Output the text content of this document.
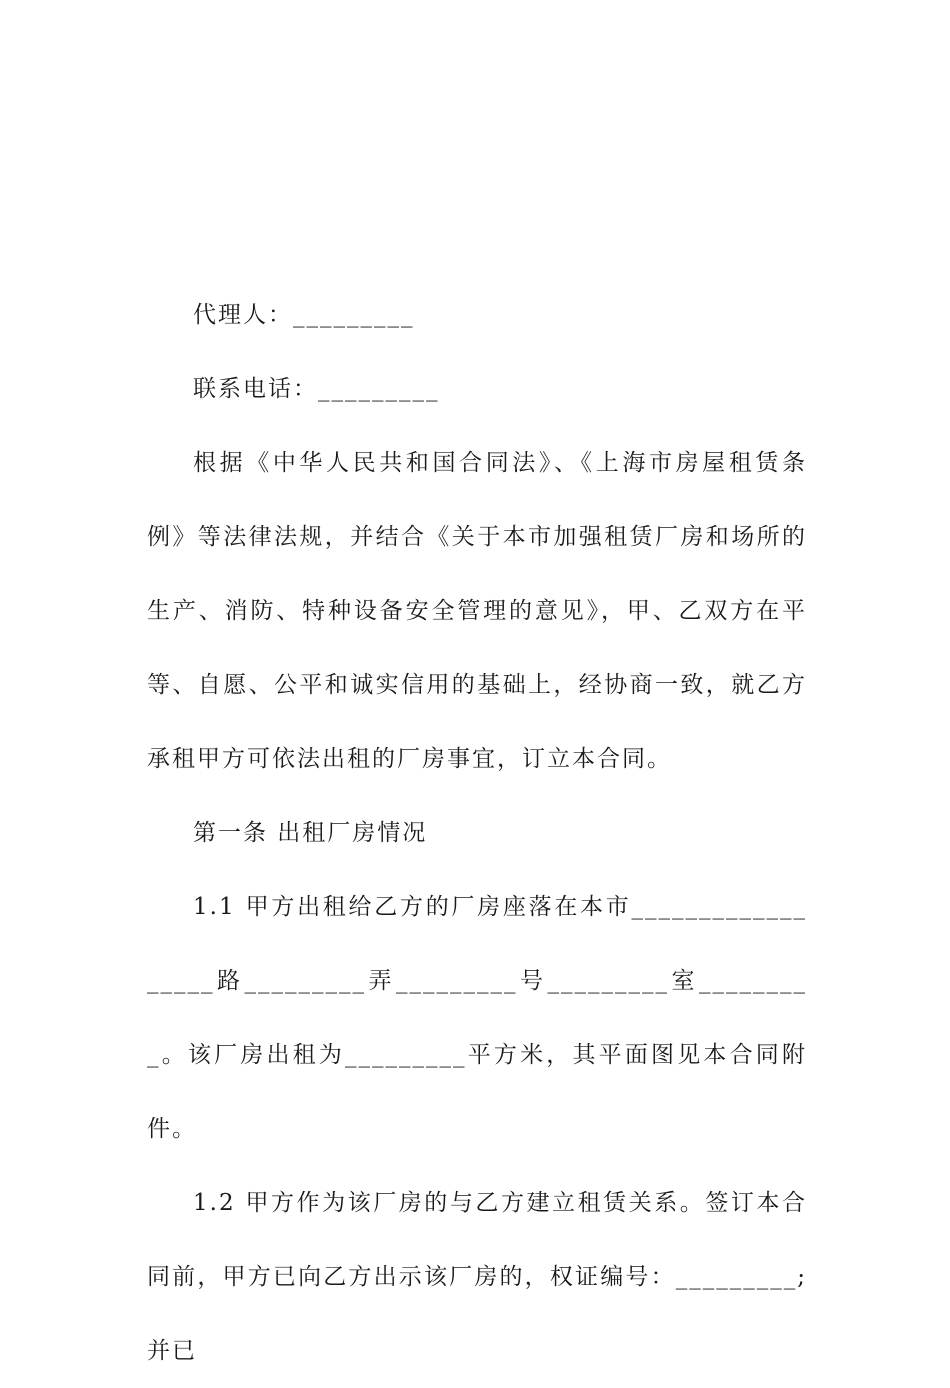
代理人：_________

联系电话：_________

根据《中华人民共和国合同法》、《上海市房屋租赁条例》等法律法规，并结合《关于本市加强租赁厂房和场所的生产、消防、特种设备安全管理的意见》，甲、乙双方在平等、自愿、公平和诚实信用的基础上，经协商一致，就乙方承租甲方可依法出租的厂房事宜，订立本合同。

第一条 出租厂房情况

1.1 甲方出租给乙方的厂房座落在本市__________________路_________弄_________号_________室_________。该厂房出租为_________平方米，其平面图见本合同附件。

1.2 甲方作为该厂房的与乙方建立租赁关系。签订本合同前，甲方已向乙方出示该厂房的，权证编号：_________;并已
